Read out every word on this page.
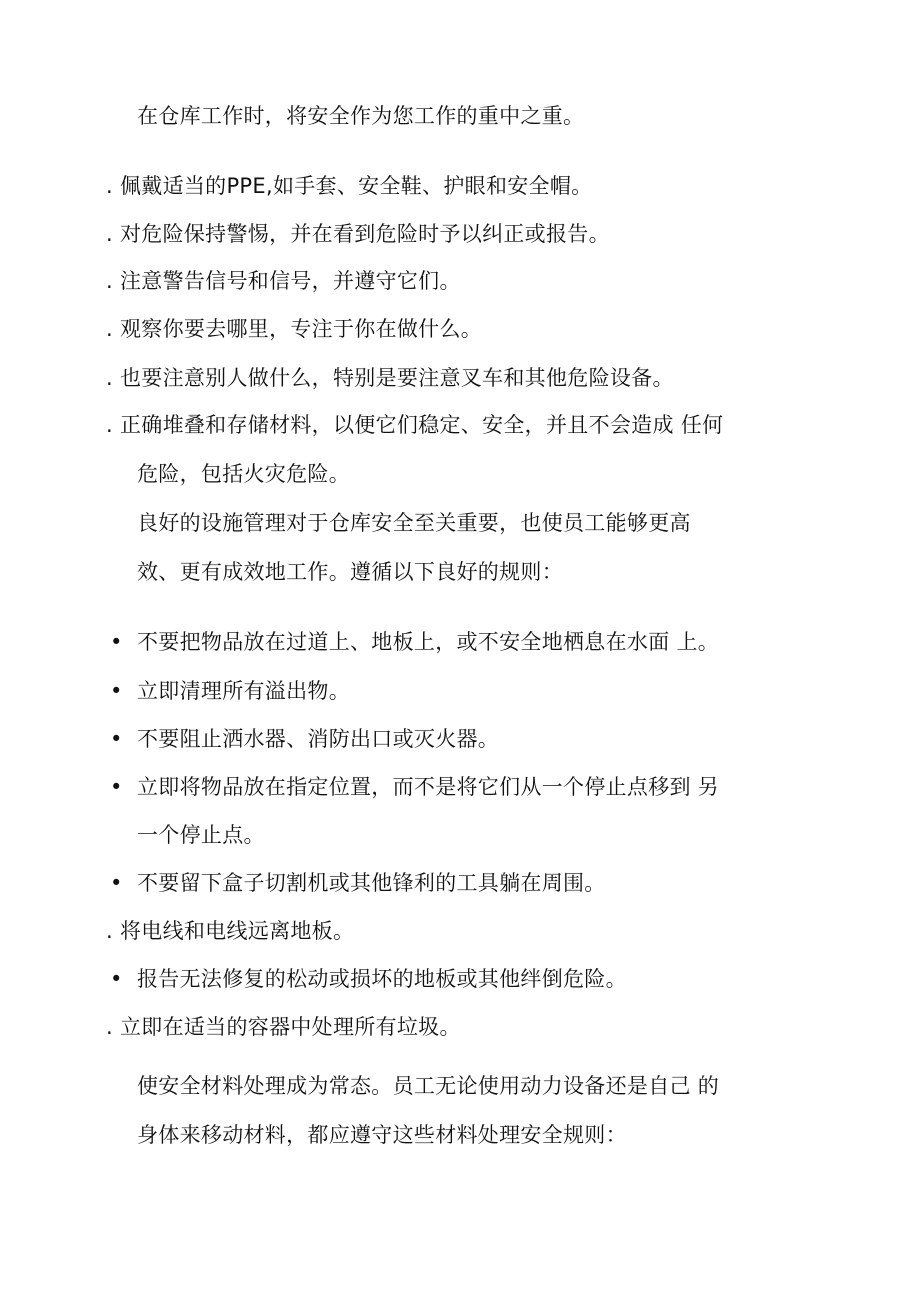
在仓库工作时，将安全作为您工作的重中之重。
. 佩戴适当的PPE,如手套、安全鞋、护眼和安全帽。
. 对危险保持警惕，并在看到危险时予以纠正或报告。
. 注意警告信号和信号，并遵守它们。
. 观察你要去哪里，专注于你在做什么。
. 也要注意别人做什么，特别是要注意叉车和其他危险设备。
. 正确堆叠和存储材料，以便它们稳定、安全，并且不会造成 任何
危险，包括火灾危险。
良好的设施管理对于仓库安全至关重要，也使员工能够更高
效、更有成效地工作。遵循以下良好的规则：
• 不要把物品放在过道上、地板上，或不安全地栖息在水面 上。
• 立即清理所有溢出物。
• 不要阻止洒水器、消防出口或灭火器。
• 立即将物品放在指定位置，而不是将它们从一个停止点移到 另
一个停止点。
• 不要留下盒子切割机或其他锋利的工具躺在周围。
. 将电线和电线远离地板。
• 报告无法修复的松动或损坏的地板或其他绊倒危险。
. 立即在适当的容器中处理所有垃圾。
使安全材料处理成为常态。员工无论使用动力设备还是自己 的
身体来移动材料，都应遵守这些材料处理安全规则：
